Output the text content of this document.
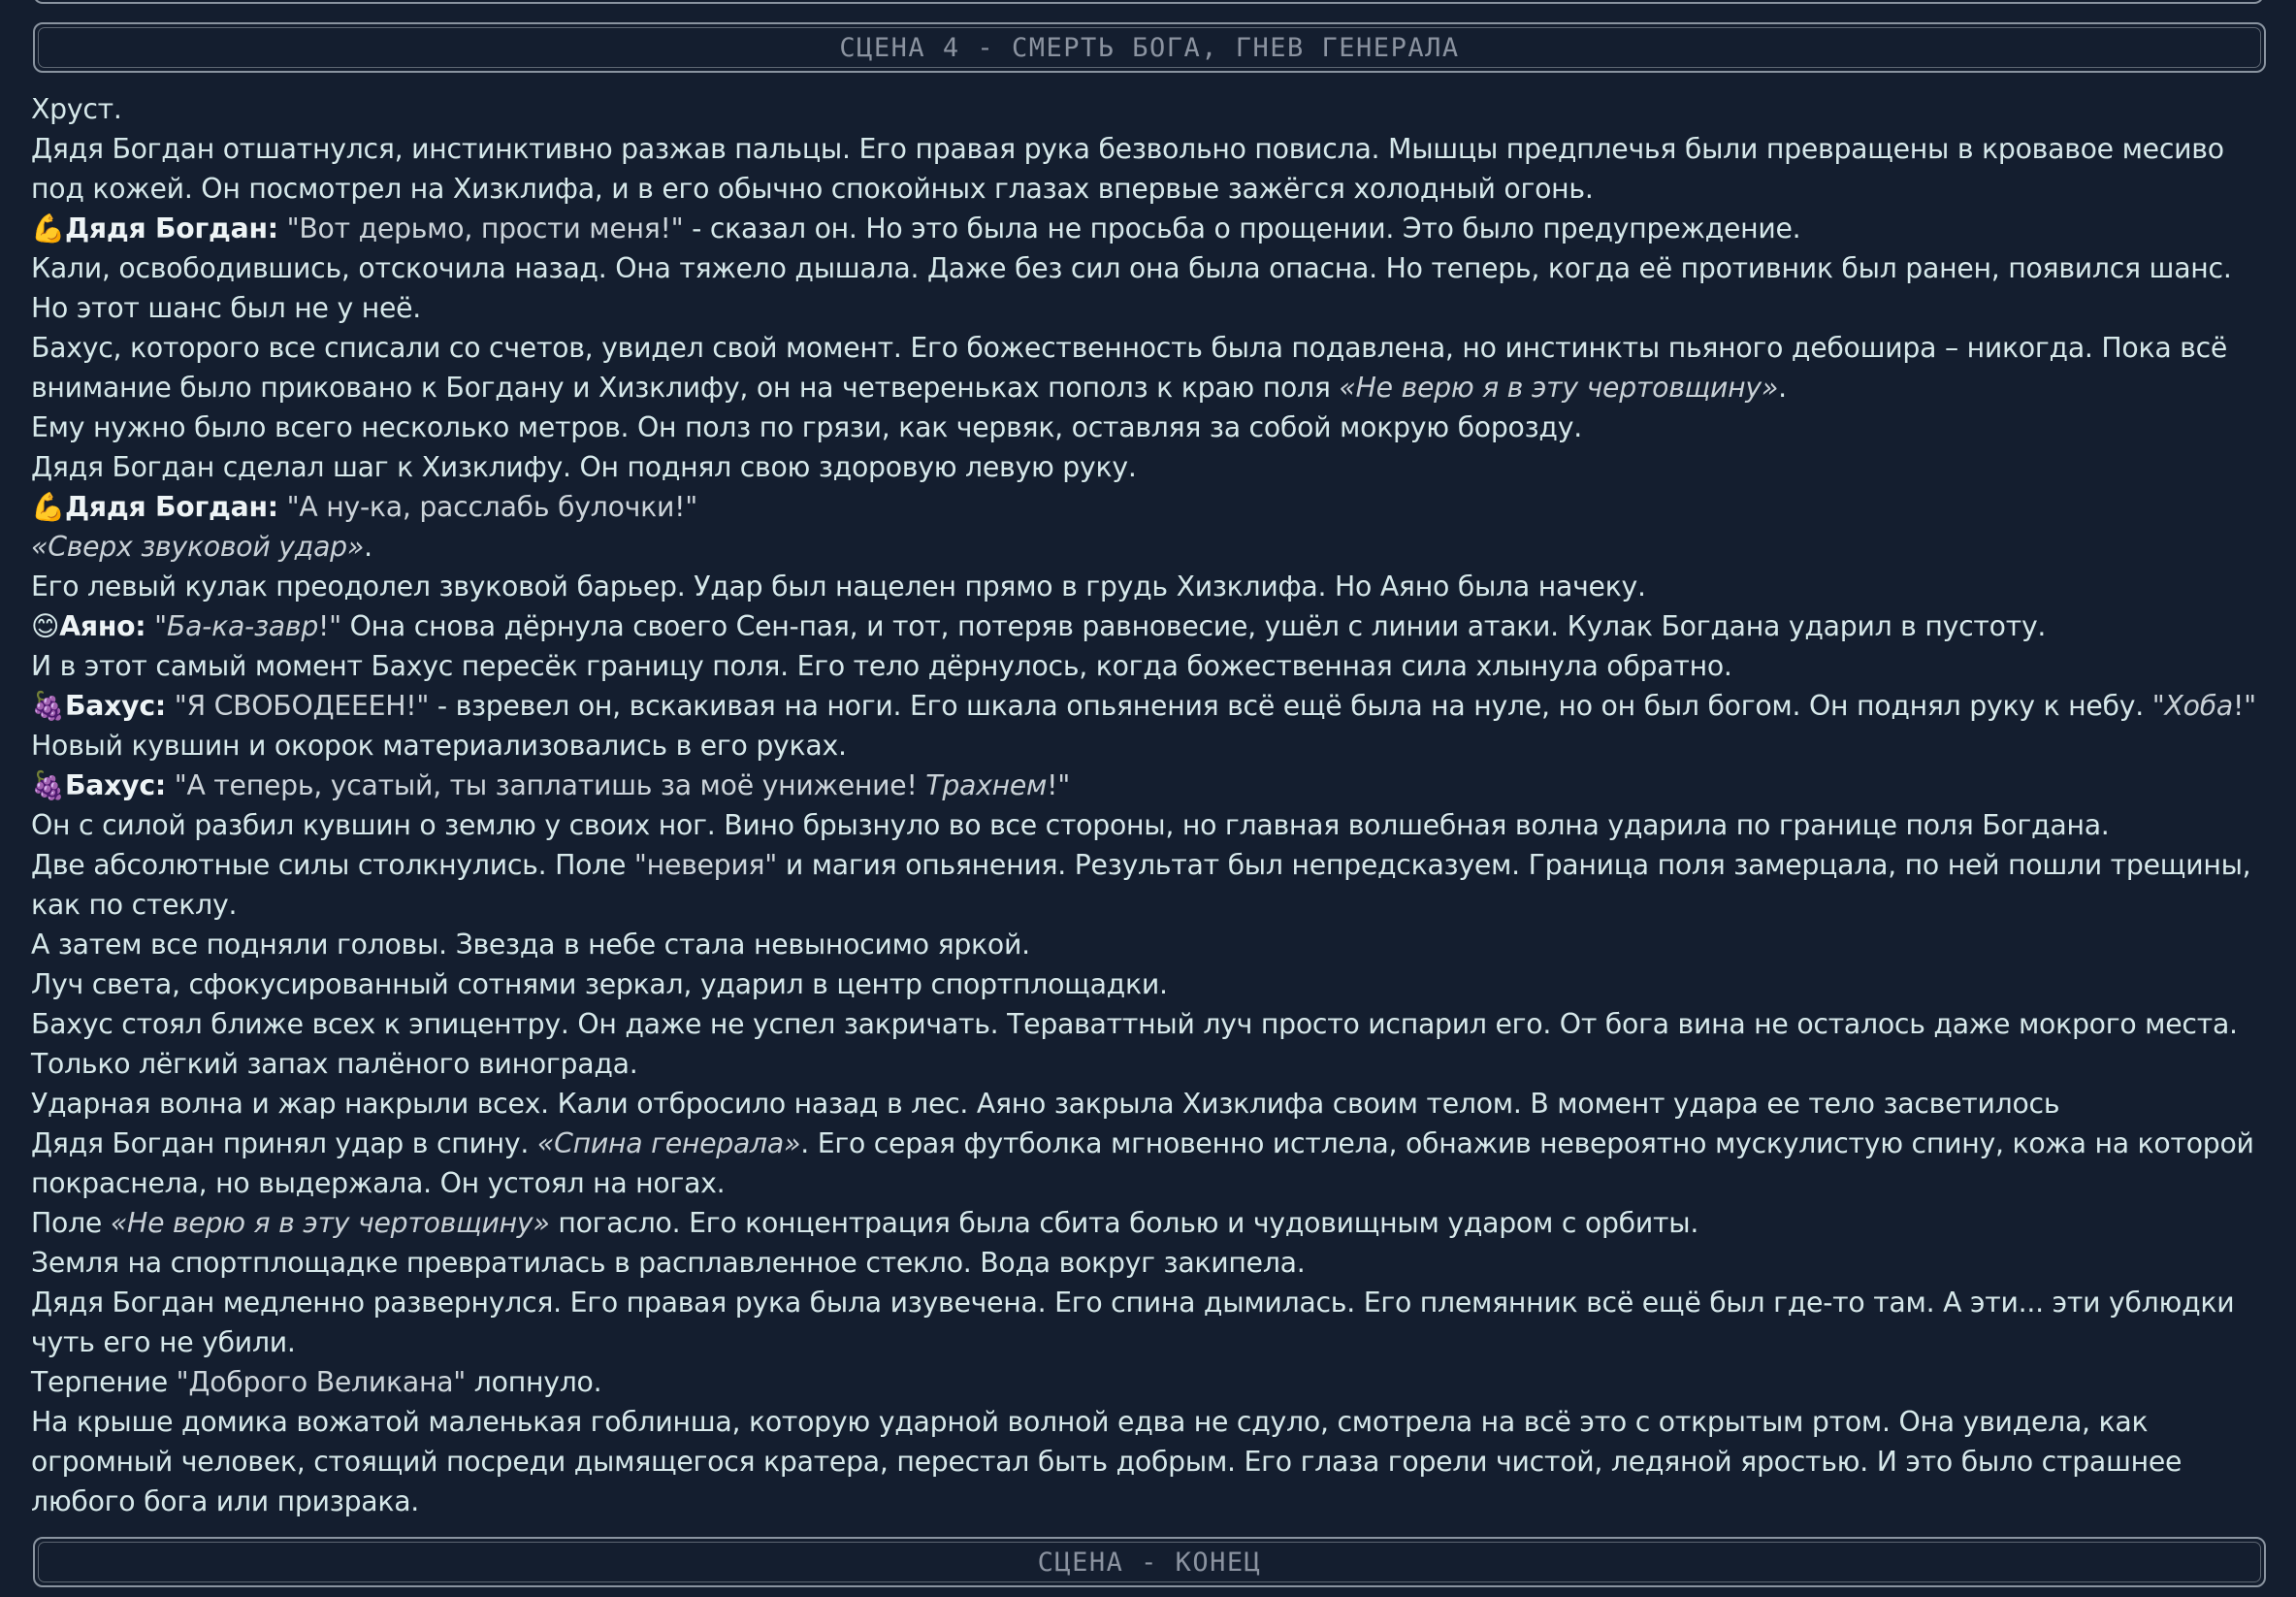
СЦЕНА 4 - СМЕРТЬ БОГА, ГНЕВ ГЕНЕРАЛА

Хруст.

Дядя Богдан отшатнулся, инстинктивно разжав пальцы. Его правая рука безвольно повисла. Мышцы предплечья были превращены в кровавое месиво под кожей. Он посмотрел на Хизклифа, и в его обычно спокойных глазах впервые зажёгся холодный огонь.

💪Дядя Богдан: "Вот дерьмо, прости меня!" - сказал он. Но это была не просьба о прощении. Это было предупреждение.

Кали, освободившись, отскочила назад. Она тяжело дышала. Даже без сил она была опасна. Но теперь, когда её противник был ранен, появился шанс.

Но этот шанс был не у неё.

Бахус, которого все списали со счетов, увидел свой момент. Его божественность была подавлена, но инстинкты пьяного дебошира – никогда. Пока всё внимание было приковано к Богдану и Хизклифу, он на четвереньках пополз к краю поля «Не верю я в эту чертовщину».

Ему нужно было всего несколько метров. Он полз по грязи, как червяк, оставляя за собой мокрую борозду.

Дядя Богдан сделал шаг к Хизклифу. Он поднял свою здоровую левую руку.

💪Дядя Богдан: "А ну-ка, расслабь булочки!"

«Сверх звуковой удар».

Его левый кулак преодолел звуковой барьер. Удар был нацелен прямо в грудь Хизклифа. Но Аяно была начеку.

😊Аяно: "Ба-ка-завр!" Она снова дёрнула своего Сен-пая, и тот, потеряв равновесие, ушёл с линии атаки. Кулак Богдана ударил в пустоту.

И в этот самый момент Бахус пересёк границу поля. Его тело дёрнулось, когда божественная сила хлынула обратно.

🍇Бахус: "Я СВОБОДЕЕЕН!" - взревел он, вскакивая на ноги. Его шкала опьянения всё ещё была на нуле, но он был богом. Он поднял руку к небу. "Хоба!"

Новый кувшин и окорок материализовались в его руках.

🍇Бахус: "А теперь, усатый, ты заплатишь за моё унижение! Трахнем!"

Он с силой разбил кувшин о землю у своих ног. Вино брызнуло во все стороны, но главная волшебная волна ударила по границе поля Богдана.

Две абсолютные силы столкнулись. Поле "неверия" и магия опьянения. Результат был непредсказуем. Граница поля замерцала, по ней пошли трещины, как по стеклу.

А затем все подняли головы. Звезда в небе стала невыносимо яркой.

Луч света, сфокусированный сотнями зеркал, ударил в центр спортплощадки.

Бахус стоял ближе всех к эпицентру. Он даже не успел закричать. Тераваттный луч просто испарил его. От бога вина не осталось даже мокрого места. Только лёгкий запах палёного винограда.

Ударная волна и жар накрыли всех. Кали отбросило назад в лес. Аяно закрыла Хизклифа своим телом. В момент удара ее тело засветилось

Дядя Богдан принял удар в спину. «Спина генерала». Его серая футболка мгновенно истлела, обнажив невероятно мускулистую спину, кожа на которой покраснела, но выдержала. Он устоял на ногах.

Поле «Не верю я в эту чертовщину» погасло. Его концентрация была сбита болью и чудовищным ударом с орбиты.

Земля на спортплощадке превратилась в расплавленное стекло. Вода вокруг закипела.

Дядя Богдан медленно развернулся. Его правая рука была изувечена. Его спина дымилась. Его племянник всё ещё был где-то там. А эти... эти ублюдки чуть его не убили.

Терпение "Доброго Великана" лопнуло.

На крыше домика вожатой маленькая гоблинша, которую ударной волной едва не сдуло, смотрела на всё это с открытым ртом. Она увидела, как огромный человек, стоящий посреди дымящегося кратера, перестал быть добрым. Его глаза горели чистой, ледяной яростью. И это было страшнее любого бога или призрака.

СЦЕНА - КОНЕЦ
